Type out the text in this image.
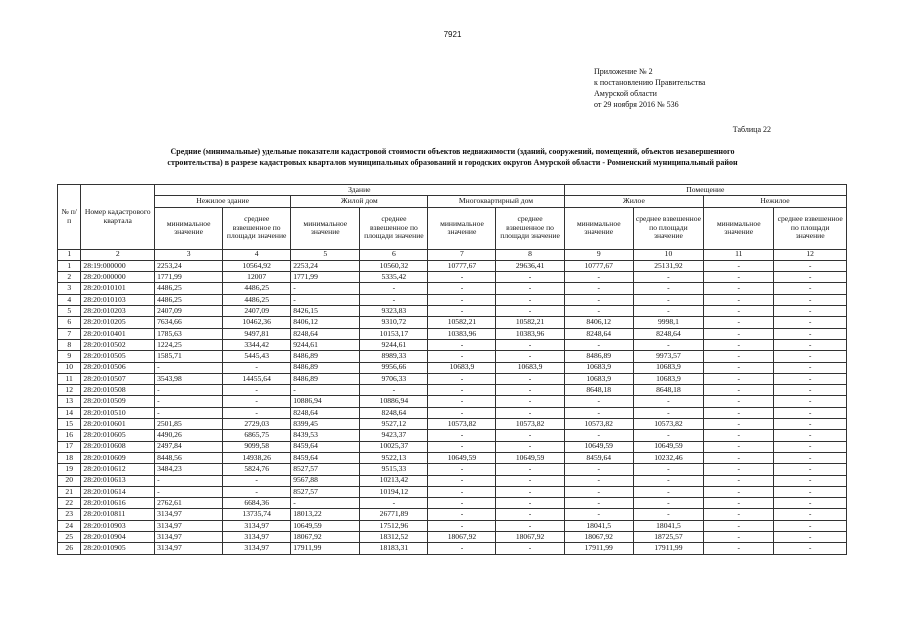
7921
Приложение № 2
к постановлению Правительства
Амурской области
от 29 ноября 2016 № 536
Таблица 22
Средние (минимальные) удельные показатели кадастровой стоимости объектов недвижимости (зданий, сооружений, помещений, объектов незавершенного
строительства) в разрезе кадастровых кварталов муниципальных образований и городских округов Амурской области - Ромненский муниципальный район
№ п/п	Номер кадастрового квартала	Здание						Помещение			
		Нежилое здание		Жилой дом		Многоквартирный дом		Жилое		Нежилое	
		минимальное значение	среднее взвешенное по площади значение	минимальное значение	среднее взвешенное по площади значение	минимальное значение	среднее взвешенное по площади значение	минимальное значение	среднее взвешенное по площади значение	минимальное значение	среднее взвешенное по площади значение
1	2	3	4	5	6	7	8	9	10	11	12
1	28:19:000000	2253,24	10564,92	2253,24	10560,32	10777,67	29636,41	10777,67	25131,92	-	-
2	28:20:000000	1771,99	12007	1771,99	5335,42	-	-	-	-	-	-
3	28:20:010101	4486,25	4486,25	-	-	-	-	-	-	-	-
4	28:20:010103	4486,25	4486,25	-	-	-	-	-	-	-	-
5	28:20:010203	2407,09	2407,09	8426,15	9323,83	-	-	-	-	-	-
6	28:20:010205	7634,66	10462,36	8406,12	9310,72	10582,21	10582,21	8406,12	9998,1	-	-
7	28:20:010401	1785,63	9497,81	8248,64	10153,17	10383,96	10383,96	8248,64	8248,64	-	-
8	28:20:010502	1224,25	3344,42	9244,61	9244,61	-	-	-	-	-	-
9	28:20:010505	1585,71	5445,43	8486,89	8989,33	-	-	8486,89	9973,57	-	-
10	28:20:010506	-	-	8486,89	9956,66	10683,9	10683,9	10683,9	10683,9	-	-
11	28:20:010507	3543,98	14455,64	8486,89	9706,33	-	-	10683,9	10683,9	-	-
12	28:20:010508	-	-	-	-	-	-	8648,18	8648,18	-	-
13	28:20:010509	-	-	10886,94	10886,94	-	-	-	-	-	-
14	28:20:010510	-	-	8248,64	8248,64	-	-	-	-	-	-
15	28:20:010601	2501,85	2729,03	8399,45	9527,12	10573,82	10573,82	10573,82	10573,82	-	-
16	28:20:010605	4490,26	6865,75	8439,53	9423,37	-	-	-	-	-	-
17	28:20:010608	2497,84	9099,58	8459,64	10025,37	-	-	10649,59	10649,59	-	-
18	28:20:010609	8448,56	14938,26	8459,64	9522,13	10649,59	10649,59	8459,64	10232,46	-	-
19	28:20:010612	3484,23	5824,76	8527,57	9515,33	-	-	-	-	-	-
20	28:20:010613	-	-	9567,88	10213,42	-	-	-	-	-	-
21	28:20:010614	-	-	8527,57	10194,12	-	-	-	-	-	-
22	28:20:010616	2762,61	6684,36	-	-	-	-	-	-	-	-
23	28:20:010811	3134,97	13735,74	18013,22	26771,89	-	-	-	-	-	-
24	28:20:010903	3134,97	3134,97	10649,59	17512,96	-	-	18041,5	18041,5	-	-
25	28:20:010904	3134,97	3134,97	18067,92	18312,52	18067,92	18067,92	18067,92	18725,57	-	-
26	28:20:010905	3134,97	3134,97	17911,99	18183,31	-	-	17911,99	17911,99	-	-
